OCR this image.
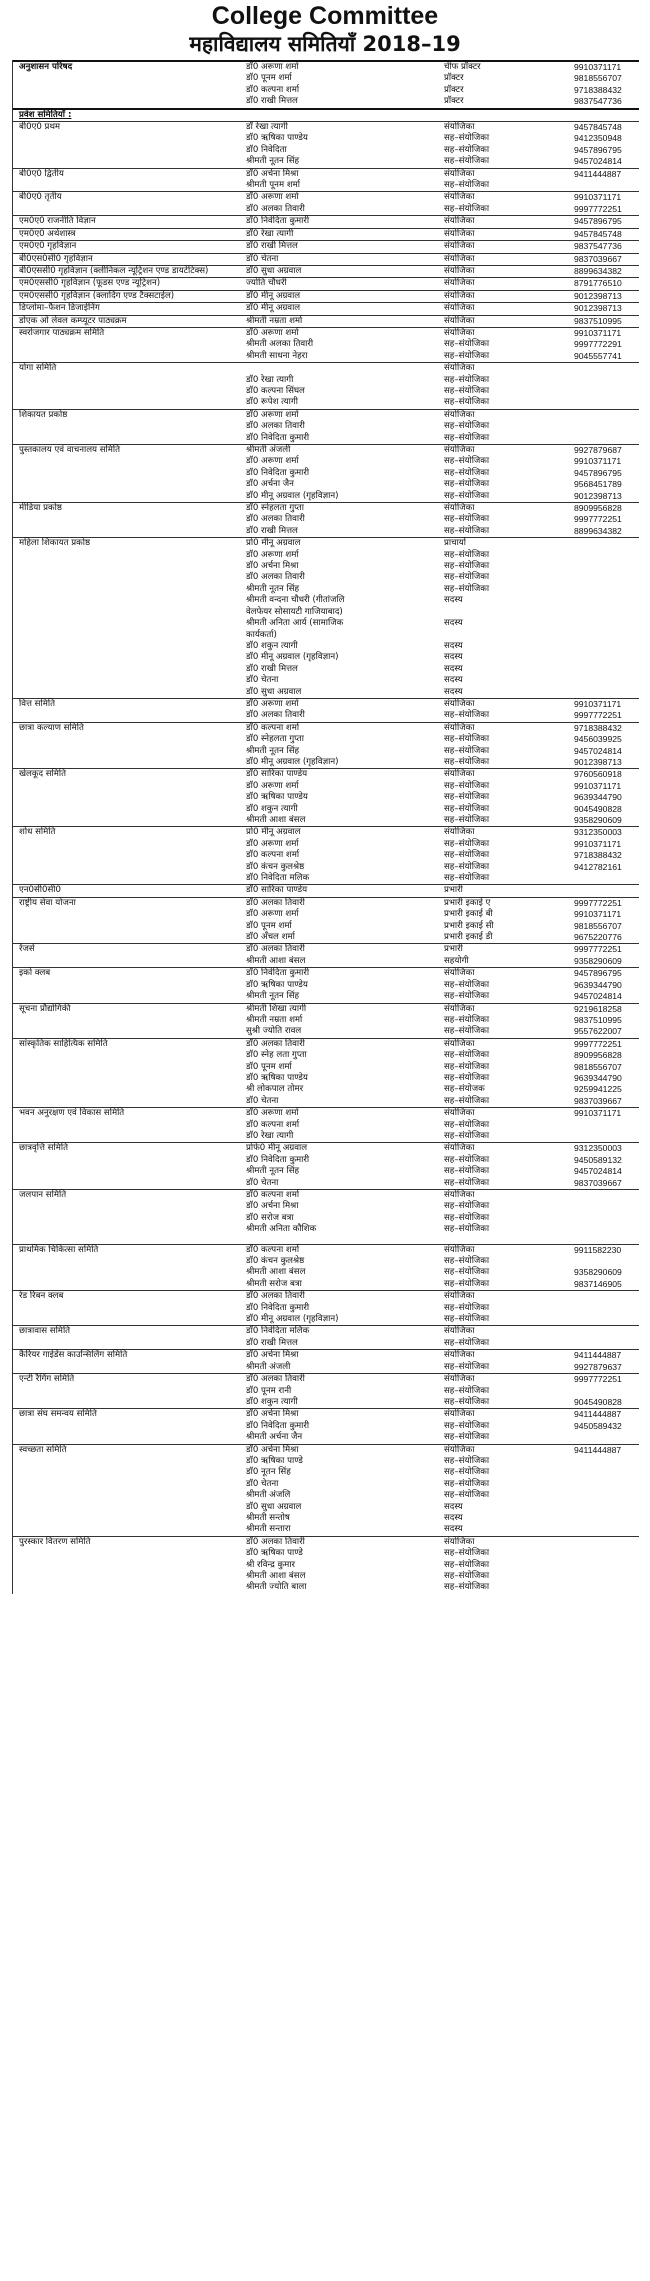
College Committee
महाविद्यालय समितियाँ 2018–19
अनुशासन परिषद	डॉ0 अरूणा शर्मा	चीफ प्रॉक्टर	9910371171
डॉ0 पूनम शर्मा	प्रॉक्टर	9818556707
डॉ0 कल्पना शर्मा	प्रॉक्टर	9718388432
डॉ0 राखी मित्तल	प्रॉक्टर	9837547736
प्रवेश समितियाँ :
बी0ए0 प्रथम	डॉ रेखा त्यागी	संयोजिका	9457845748
डॉ0 ऋषिका पाण्डेय	सह–संयोजिका	9412350948
डॉ0 निवेदिता	सह–संयोजिका	9457896795
श्रीमती नूतन सिंह	सह–संयोजिका	9457024814
बी0ए0 द्वितीय	डॉ0 अर्चना मिश्रा	संयोजिका	9411444887
श्रीमती पूनम शर्मा	सह–संयोजिका
बी0ए0 तृतीय	डॉ0 अरूणा शर्मा	संयोजिका	9910371171
डॉ0 अलका तिवारी	सह–संयोजिका	9997772251
एम0ए0 राजनीति विज्ञान	डॉ0 निवेदिता कुमारी	संयोजिका	9457896795
एम0ए0 अर्थशास्त्र	डॉ0 रेखा त्यागी	संयोजिका	9457845748
एम0ए0 गृहविज्ञान	डॉ0 राखी मित्तल	संयोजिका	9837547736
बी0एस0सी0 गृहविज्ञान	डॉ0 चेतना	संयोजिका	9837039667
बी0एससी0 गृहविज्ञान (क्लीनिकल न्यूट्रिशन एण्ड डायटेटिक्स)	डॉ0 सुधा अग्रवाल	संयोजिका	8899634382
एम0एससी0 गृहविज्ञान (फूडस एण्ड न्यूट्रिशन)	ज्योति चौधरी	संयोजिका	8791776510
एम0एससी0 गृहविज्ञान (क्लादिंग एण्ड टैक्सटाईल)	डॉ0 मीनू अग्रवाल	संयोजिका	9012398713
डिप्लोमा–फैशन डिजाईनिंग	डॉ0 मीनू अग्रवाल	संयोजिका	9012398713
डोएक ओ लेवल कम्प्यूटर पाठ्यक्रम	श्रीमती नम्रता शर्मा	संयोजिका	9837510995
स्वरोजगार पाठ्यक्रम समिति	डॉ0 अरूणा शर्मा	संयोजिका	9910371171
श्रीमती अलका तिवारी	सह–संयोजिका	9997772291
श्रीमती साधना नेहरा	सह–संयोजिका	9045557741
योगा समिति	संयोजिका
डॉ0 रेखा त्यागी	सह–संयोजिका
डॉ0 कल्पना सिंघल	सह–संयोजिका
डॉ0 रूपेश त्यागी	सह–संयोजिका
शिकायत प्रकोष्ठ	डॉ0 अरूणा शर्मा	संयोजिका
डॉ0 अलका तिवारी	सह–संयोजिका
डॉ0 निवेदिता कुमारी	सह–संयोजिका
पुस्तकालय एवं वाचनालय समिति	श्रीमती अंजली	संयोजिका	9927879687
डॉ0 अरूणा शर्मा	सह–संयोजिका	9910371171
डॉ0 निवेदिता कुमारी	सह–संयोजिका	9457896795
डॉ0 अर्चना जैन	सह–संयोजिका	9568451789
डॉ0 मीनू अग्रवाल (गृहविज्ञान)	सह–संयोजिका	9012398713
मीडिया प्रकोष्ठ	डॉ0 स्नेहलता गुप्ता	संयोजिका	8909956828
डॉ0 अलका तिवारी	सह–संयोजिका	9997772251
डॉ0 राखी मित्तल	सह–संयोजिका	8899634382
महिला शिकायत प्रकोष्ठ	प्रो0 मीनू अग्रवाल	प्राचार्या
डॉ0 अरूणा शर्मा	सह–संयोजिका
डॉ0 अर्चना मिश्रा	सह–संयोजिका
डॉ0 अलका तिवारी	सह–संयोजिका
श्रीमती नूतन सिंह	सह–संयोजिका
श्रीमती वन्दना चौधरी (गीतांजलि	सदस्य
वेलफेयर सोसायटी गाजियाबाद)
श्रीमती अनिता आर्य (सामाजिक	सदस्य
कार्यकर्ता)
डॉ0 शकुन त्यागी	सदस्य
डॉ0 मीनू अग्रवाल (गृहविज्ञान)	सदस्य
डॉ0 राखी मित्तल	सदस्य
डॉ0 चेतना	सदस्य
डॉ0 सुधा अग्रवाल	सदस्य
वित्त समिति	डॉ0 अरूणा शर्मा	संयोजिका	9910371171
डॉ0 अलका तिवारी	सह–संयोजिका	9997772251
छात्रा कल्याण समिति	डॉ0 कल्पना शर्मा	संयोजिका	9718388432
डॉ0 स्नेहलता गुप्ता	सह–संयोजिका	9456039925
श्रीमती नूतन सिंह	सह–संयोजिका	9457024814
डॉ0 मीनू अग्रवाल (गृहविज्ञान)	सह–संयोजिका	9012398713
खेलकूद समिति	डॉ0 सारिका पाण्डेय	संयोजिका	9760560918
डॉ0 अरूणा शर्मा	सह–संयोजिका	9910371171
डॉ0 ऋषिका पाण्डेय	सह–संयोजिका	9639344790
डॉ0 शकुन त्यागी	सह–संयोजिका	9045490828
श्रीमती आशा बंसल	सह–संयोजिका	9358290609
शोध समिति	प्रो0 मीनू अग्रवाल	संयोजिका	9312350003
डॉ0 अरूणा शर्मा	सह–संयोजिका	9910371171
डॉ0 कल्पना शर्मा	सह–संयोजिका	9718388432
डॉ0 कंचन कुलश्रेष्ठ	सह–संयोजिका	9412782161
डॉ0 निवेदिता मलिक	सह–संयोजिका
एन0सी0सी0	डॉ0 सारिका पाण्डेय	प्रभारी
राष्ट्रीय सेवा योजना	डॉ0 अलका तिवारी	प्रभारी इकाई ए	9997772251
डॉ0 अरूणा शर्मा	प्रभारी इकाई बी	9910371171
डॉ0 पूनम शर्मा	प्रभारी इकाई सी	9818556707
डॉ0 अँचल शर्मा	प्रभारी इकाई डी	9675220776
रेंजर्स	डॉ0 अलका तिवारी	प्रभारी	9997772251
श्रीमती आशा बंसल	सहयोगी	9358290609
इको क्लब	डॉ0 निवेदिता कुमारी	संयोजिका	9457896795
डॉ0 ऋषिका पाण्डेय	सह–संयोजिका	9639344790
श्रीमती नूतन सिंह	सह–संयोजिका	9457024814
सूचना प्रौद्योगिकी	श्रीमती शिखा त्यागी	संयोजिका	9219618258
श्रीमती नम्रता शर्मा	सह–संयोजिका	9837510995
सुश्री ज्योति रावल	सह–संयोजिका	9557622007
सांस्कृतिक साहित्यिक समिति	डॉ0 अलका तिवारी	संयोजिका	9997772251
डॉ0 स्नेह लता गुप्ता	सह–संयोजिका	8909956828
डॉ0 पूनम शर्मा	सह–संयोजिका	9818556707
डॉ0 ऋषिका पाण्डेय	सह–संयोजिका	9639344790
श्री लोकपाल तोमर	सह–संयोजक	9259941225
डॉ0 चेतना	सह–संयोजिका	9837039667
भवन अनुरक्षण एवं विकास समिति	डॉ0 अरूणा शर्मा	संयोजिका	9910371171
डॉ0 कल्पना शर्मा	सह–संयोजिका
डॉ0 रेखा त्यागी	सह–संयोजिका
छात्रवृत्ति समिति	प्रोफे0 मीनू अग्रवाल	संयोजिका	9312350003
डॉ0 निवेदिता कुमारी	सह–संयोजिका	9450589132
श्रीमती नूतन सिंह	सह–संयोजिका	9457024814
डॉ0 चेतना	सह–संयोजिका	9837039667
जलपान समिति	डॉ0 कल्पना शर्मा	संयोजिका
डॉ0 अर्चना मिश्रा	सह–संयोजिका
डॉ0 सरोज बत्रा	सह–संयोजिका
श्रीमती अनिता कौशिक	सह–संयोजिका
प्राथमिक चिकित्सा समिति	डॉ0 कल्पना शर्मा	संयोजिका	9911582230
डॉ0 कंचन कुलश्रेष्ठ	सह–संयोजिका
श्रीमती आशा बंसल	सह–संयोजिका	9358290609
श्रीमती सरोज बत्रा	सह–संयोजिका	9837146905
रेड रिबन क्लब	डॉ0 अलका तिवारी	संयोजिका
डॉ0 निवेदिता कुमारी	सह–संयोजिका
डॉ0 मीनू अग्रवाल (गृहविज्ञान)	सह–संयोजिका
छात्रावास समिति	डॉ0 निवेदिता मलिक	संयोजिका
डॉ0 राखी मित्तल	सह–संयोजिका
कैरियर गाईडेंस काउन्सिलिंग समिति	डॉ0 अर्चना मिश्रा	संयोजिका	9411444887
श्रीमती अंजली	सह–संयोजिका	9927879637
एन्टी रैगिंग समिति	डॉ0 अलका तिवारी	संयोजिका	9997772251
डॉ0 पूनम रानी	सह–संयोजिका
डॉ0 शकुन त्यागी	सह–संयोजिका	9045490828
छात्रा संघ समन्वय समिति	डॉ0 अर्चना मिश्रा	संयोजिका	9411444887
डॉ0 निवेदिता कुमारी	सह–संयोजिका	9450589432
श्रीमती अर्चना जैन	सह–संयोजिका
स्वच्छता समिति	डॉ0 अर्चना मिश्रा	संयोजिका	9411444887
डॉ0 ऋषिका पाण्डे	सह–संयोजिका
डॉ0 नूतन सिंह	सह–संयोजिका
डॉ0 चेतना	सह–संयोजिका
श्रीमती अंजलि	सह–संयोजिका
डॉ0 सुधा अग्रवाल	सदस्य
श्रीमती सन्तोष	सदस्य
श्रीमती सन्तारा	सदस्य
पुरस्कार वितरण समिति	डॉ0 अलका तिवारी	संयोजिका
डॉ0 ऋषिका पाण्डे	सह–संयोजिका
श्री रविन्द्र कुमार	सह–संयोजिका
श्रीमती आशा बंसल	सह–संयोजिका
श्रीमती ज्योति बाला	सह–संयोजिका
